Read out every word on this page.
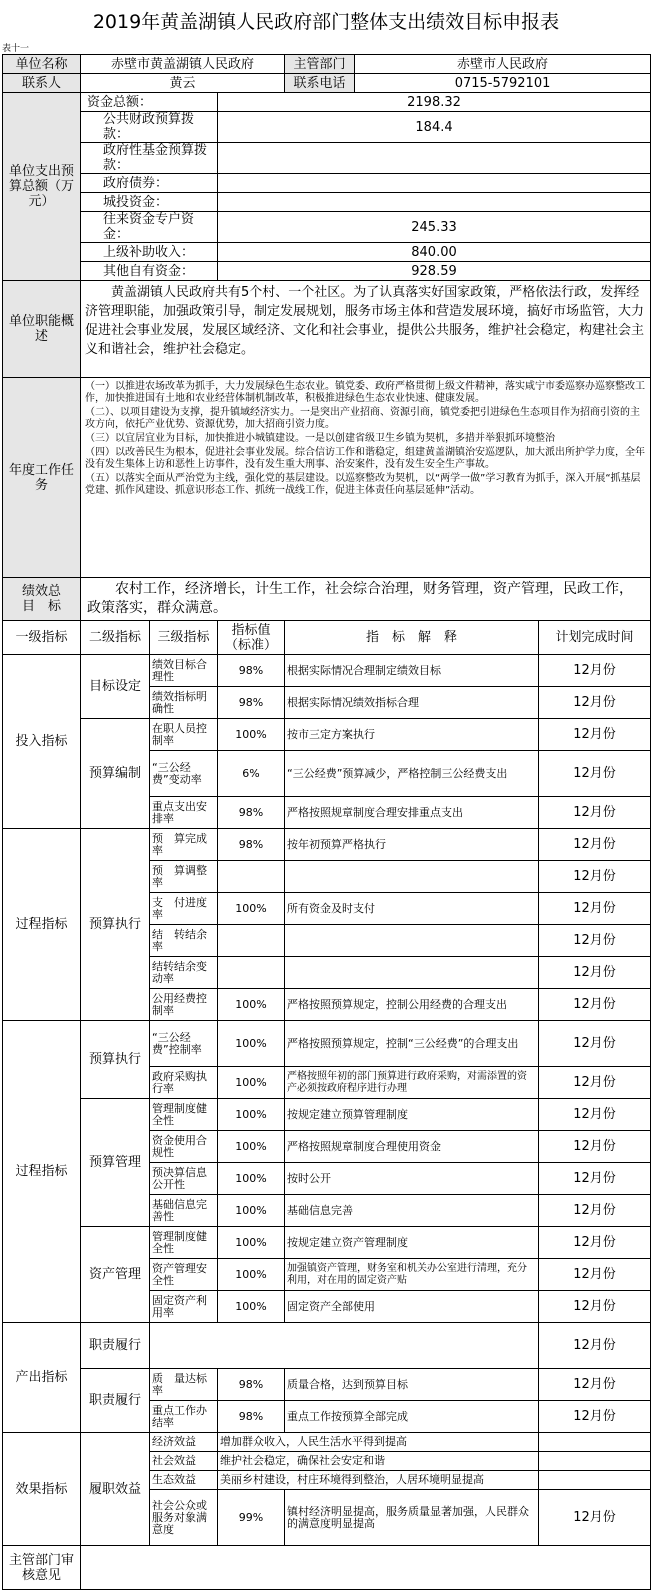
2019年黄盖湖镇人民政府部门整体支出绩效目标申报表
表十一
单位名称	赤壁市黄盖湖镇人民政府			主管部门	赤壁市人民政府	
联系人	黄云			联系电话	0715-5792101	
单位支出预算总额（万元）	资金总额：		2198.32			
	公共财政预算拨款：		184.4			
	政府性基金预算拨款：					
	政府债券：					
	城投资金：					
	往来资金专户资金：		245.33			
	上级补助收入：		840.00			
	其他自有资金：		928.59			
单位职能概　　述	黄盖湖镇人民政府共有5个村、一个社区。为了认真落实好国家政策，严格依法行政，发挥经济管理职能，加强政策引导，制定发展规划，服务市场主体和营造发展环境，搞好市场监管，大力促进社会事业发展，发展区域经济、文化和社会事业，提供公共服务，维护社会稳定，构建社会主义和谐社会，维护社会稳定。					
年度工作任　　务	（一）以推进农场改革为抓手，大力发展绿色生态农业。镇党委、政府严格贯彻上级文件精神，落实咸宁市委巡察办巡察整改工作，加快推进国有土地和农业经营体制机制改革，积极推进绿色生态农业快速、健康发展。

（二）、以项目建设为支撑，提升镇域经济实力。一是突出产业招商、资源引商，镇党委把引进绿色生态项目作为招商引资的主攻方向，依托产业优势、资源优势，加大招商引资力度。

（三）以宜居宜业为目标，加快推进小城镇建设。一是以创建省级卫生乡镇为契机，多措并举狠抓环境整治

（四）以改善民生为根本，促进社会事业发展。综合信访工作和谐稳定，组建黄盖湖镇治安巡逻队，加大派出所护学力度，全年没有发生集体上访和恶性上访事件，没有发生重大刑事、治安案件，没有发生安全生产事故。

（五）以落实全面从严治党为主线，强化党的基层建设。以巡察整改为契机，以“两学一做”学习教育为抓手，深入开展“抓基层党建、抓作风建设、抓意识形态工作、抓统一战线工作，促进主体责任向基层延伸”活动。					

绩效总　　目　标	农村工作，经济增长，计生工作，社会综合治理，财务管理，资产管理，民政工作，政策落实，群众满意。					
一级指标	二级指标	三级指标	指标值（标准）	指　标　解　释		计划完成时间
投入指标	目标设定	绩效目标合理性	98%	根据实际情况合理制定绩效目标		12月份
		绩效指标明确性	98%	根据实际情况绩效指标合理		12月份
	预算编制	在职人员控制率	100%	按市三定方案执行		12月份
		“三公经费”变动率	6%	“三公经费”预算减少，严格控制三公经费支出		12月份
		重点支出安排率	98%	严格按照规章制度合理安排重点支出		12月份
过程指标	预算执行	预　算完成率	98%	按年初预算严格执行		12月份
		预　算调整率				12月份
		支　付进度率	100%	所有资金及时支付		12月份
		结　转结余率				12月份
		结转结余变动率				12月份
		公用经费控制率	100%	严格按照预算规定，控制公用经费的合理支出		12月份
过程指标	预算执行	“三公经费”控制率	100%	严格按照预算规定，控制“三公经费”的合理支出		12月份
		政府采购执行率	100%	严格按照年初的部门预算进行政府采购，对需添置的资产必须按政府程序进行办理		12月份
	预算管理	管理制度健全性	100%	按规定建立预算管理制度		12月份
		资金使用合规性	100%	严格按照规章制度合理使用资金		12月份
		预决算信息公开性	100%	按时公开		12月份
		基础信息完善性	100%	基础信息完善		12月份
	资产管理	管理制度健全性	100%	按规定建立资产管理制度		12月份
		资产管理安全性	100%	加强镇资产管理，财务室和机关办公室进行清理，充分利用，对在用的固定资产贴		12月份
		固定资产利用率	100%	固定资产全部使用		12月份
产出指标	职责履行					12月份
	职责履行	质　量达标率	98%	质量合格，达到预算目标		12月份
		重点工作办结率	98%	重点工作按预算全部完成		12月份
效果指标	履职效益	经济效益	增加群众收入，人民生活水平得到提高			
		社会效益	维护社会稳定，确保社会安定和谐			
		生态效益	美丽乡村建设，村庄环境得到整治，人居环境明显提高			
		社会公众或服务对象满意度	99%	镇村经济明显提高，服务质量显著加强，人民群众的满意度明显提高		12月份
主管部门审核意见						
